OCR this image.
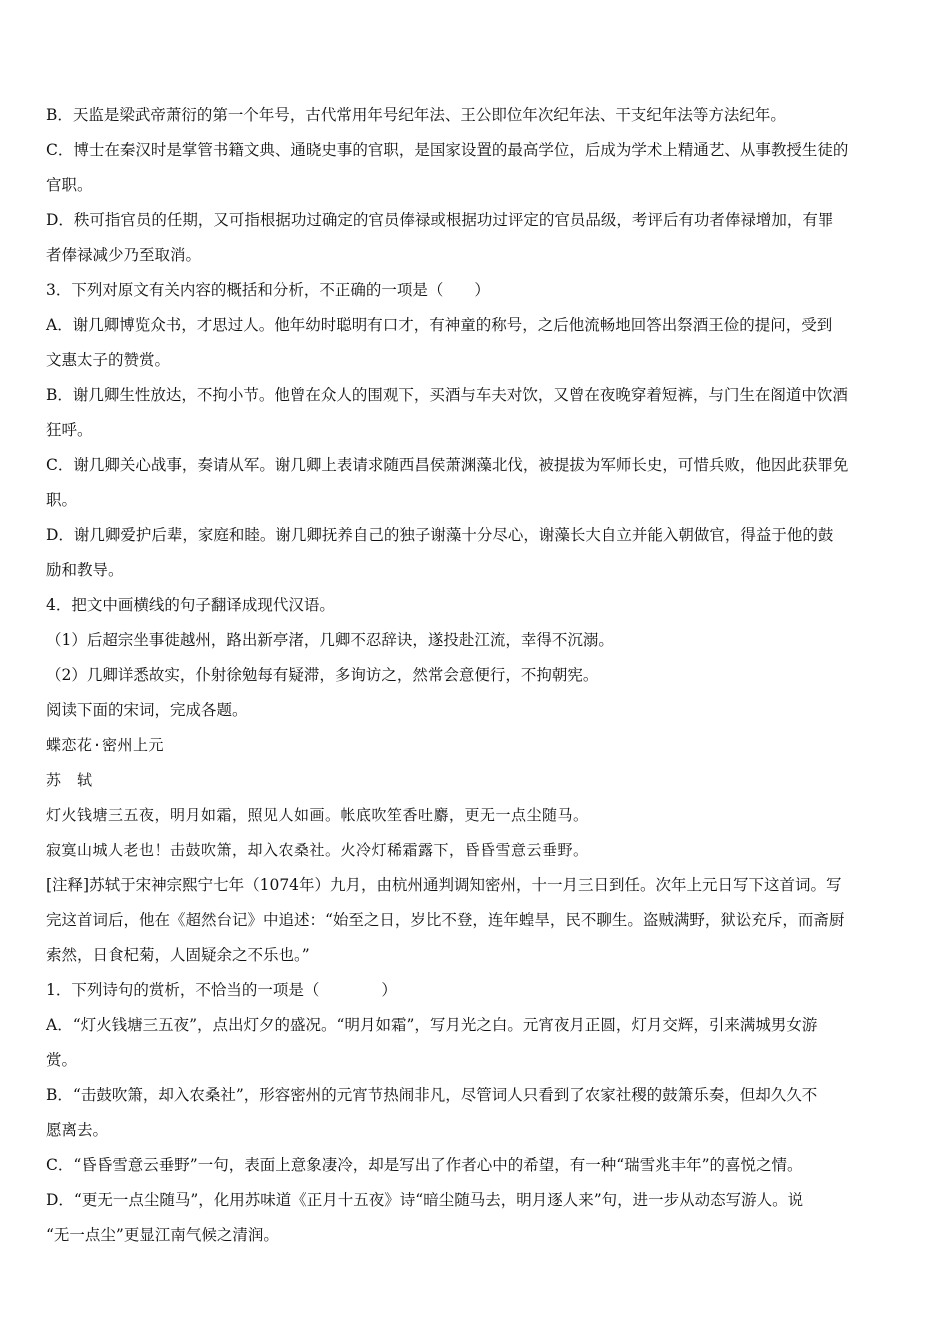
B．天监是梁武帝萧衍的第一个年号，古代常用年号纪年法、王公即位年次纪年法、干支纪年法等方法纪年。
C．博士在秦汉时是掌管书籍文典、通晓史事的官职，是国家设置的最高学位，后成为学术上精通艺、从事教授生徒的
官职。
D．秩可指官员的任期，又可指根据功过确定的官员俸禄或根据功过评定的官员品级，考评后有功者俸禄增加，有罪
者俸禄减少乃至取消。
3．下列对原文有关内容的概括和分析，不正确的一项是（　　）
A．谢几卿博览众书，才思过人。他年幼时聪明有口才，有神童的称号，之后他流畅地回答出祭酒王俭的提问，受到
文惠太子的赞赏。
B．谢几卿生性放达，不拘小节。他曾在众人的围观下，买酒与车夫对饮，又曾在夜晚穿着短裤，与门生在阁道中饮酒
狂呼。
C．谢几卿关心战事，奏请从军。谢几卿上表请求随西昌侯萧渊藻北伐，被提拔为军师长史，可惜兵败，他因此获罪免
职。
D．谢几卿爱护后辈，家庭和睦。谢几卿抚养自己的独子谢藻十分尽心，谢藻长大自立并能入朝做官，得益于他的鼓
励和教导。
4．把文中画横线的句子翻译成现代汉语。
（1）后超宗坐事徙越州，路出新亭渚，几卿不忍辞诀，遂投赴江流，幸得不沉溺。
（2）几卿详悉故实，仆射徐勉每有疑滞，多询访之，然常会意便行，不拘朝宪。
阅读下面的宋词，完成各题。
蝶恋花·密州上元
苏　轼
灯火钱塘三五夜，明月如霜，照见人如画。帐底吹笙香吐麝，更无一点尘随马。
寂寞山城人老也！击鼓吹箫，却入农桑社。火冷灯稀霜露下，昏昏雪意云垂野。
[注释]苏轼于宋神宗熙宁七年（1074年）九月，由杭州通判调知密州，十一月三日到任。次年上元日写下这首词。写
完这首词后，他在《超然台记》中追述：“始至之日，岁比不登，连年蝗旱，民不聊生。盗贼满野，狱讼充斥，而斋厨
索然，日食杞菊，人固疑余之不乐也。”
1．下列诗句的赏析，不恰当的一项是（　　　　）
A．“灯火钱塘三五夜”，点出灯夕的盛况。“明月如霜”，写月光之白。元宵夜月正圆，灯月交辉，引来满城男女游
赏。
B．“击鼓吹箫，却入农桑社”，形容密州的元宵节热闹非凡，尽管词人只看到了农家社稷的鼓箫乐奏，但却久久不
愿离去。
C．“昏昏雪意云垂野”一句，表面上意象凄冷，却是写出了作者心中的希望，有一种“瑞雪兆丰年”的喜悦之情。
D．“更无一点尘随马”，化用苏味道《正月十五夜》诗“暗尘随马去，明月逐人来”句，进一步从动态写游人。说
“无一点尘”更显江南气候之清润。
